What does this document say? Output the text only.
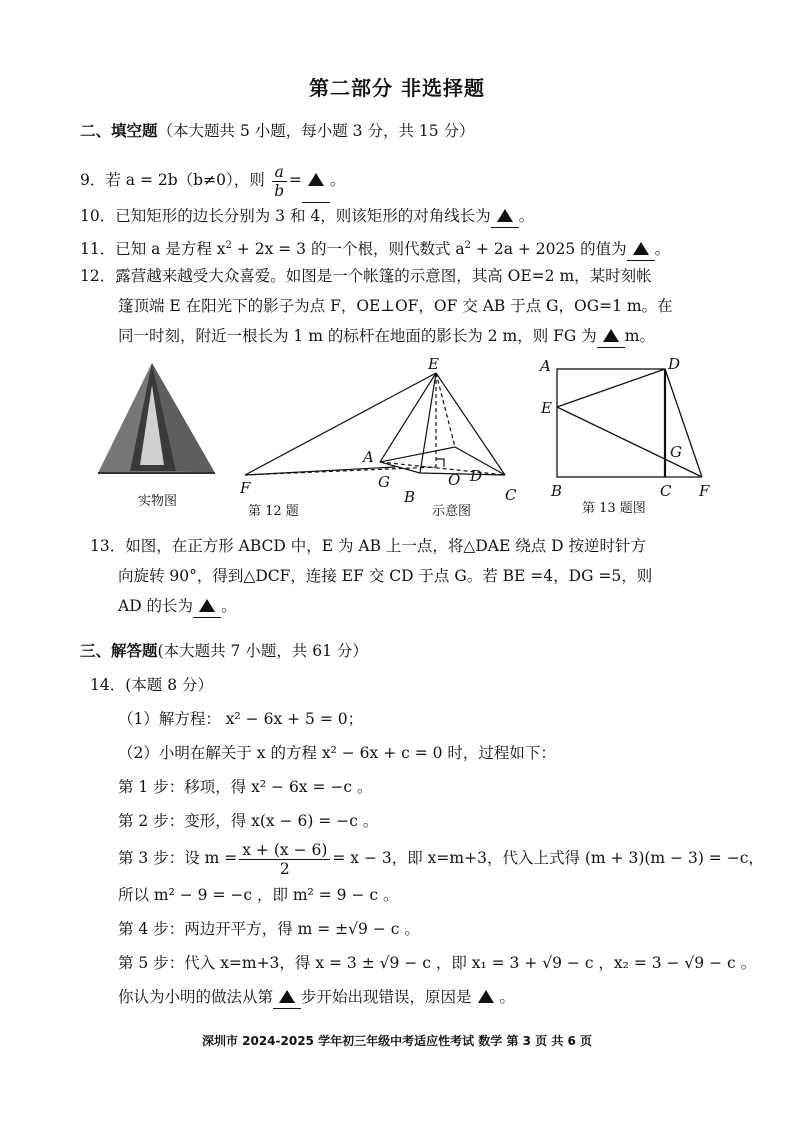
第二部分 非选择题
二、填空题（本大题共 5 小题，每小题 3 分，共 15 分）
9．若 a = 2b（b≠0），则 $\frac{a}{b}$ = 。
10．已知矩形的边长分别为 3 和 4，则该矩形的对角线长为 。
11．已知 a 是方程 $x^2 + 2x = 3$ 的一个根，则代数式 $a^2 + 2a + 2025$ 的值为 。
12．露营越来越受大众喜爱。如图是一个帐篷的示意图，其高 OE=2 m，某时刻帐
篷顶端 E 在阳光下的影子为点 F，OE⊥OF，OF 交 AB 于点 G，OG=1 m。在
同一时刻，附近一根长为 1 m 的标杆在地面的影长为 2 m，则 FG 为 m。
E
A
G	O D
F	B	C
A	D
E
G
B	C F
实物图
第 12 题	示意图	第 13 题图
13．如图，在正方形 ABCD 中，E 为 AB 上一点，将△DAE 绕点 D 按逆时针方
向旋转 90°，得到△DCF，连接 EF 交 CD 于点 G。若 BE =4，DG =5，则
AD 的长为 。
三、解答题(本大题共 7 小题，共 61 分）
14．(本题 8 分）
（1）解方程： x² − 6x + 5 = 0；
（2）小明在解关于 x 的方程 x² − 6x + c = 0 时，过程如下：
第 1 步：移项，得 x² − 6x = −c 。
第 2 步：变形，得 x(x − 6) = −c 。
第 3 步：设 $m = \frac{x + (x - 6)}{2} = x - 3$，即 x=m+3，代入上式得 (m + 3)(m − 3) = −c，
所以 m² − 9 = −c ，即 m² = 9 − c 。
第 4 步：两边开平方，得 m = ±√9 − c 。
第 5 步：代入 x=m+3，得 x = 3 ± √9 − c ，即 x₁ = 3 + √9 − c ，x₂ = 3 − √9 − c 。
你认为小明的做法从第 步开始出现错误，原因是 。
深圳市 2024-2025 学年初三年级中考适应性考试 数学 第 3 页 共 6 页
